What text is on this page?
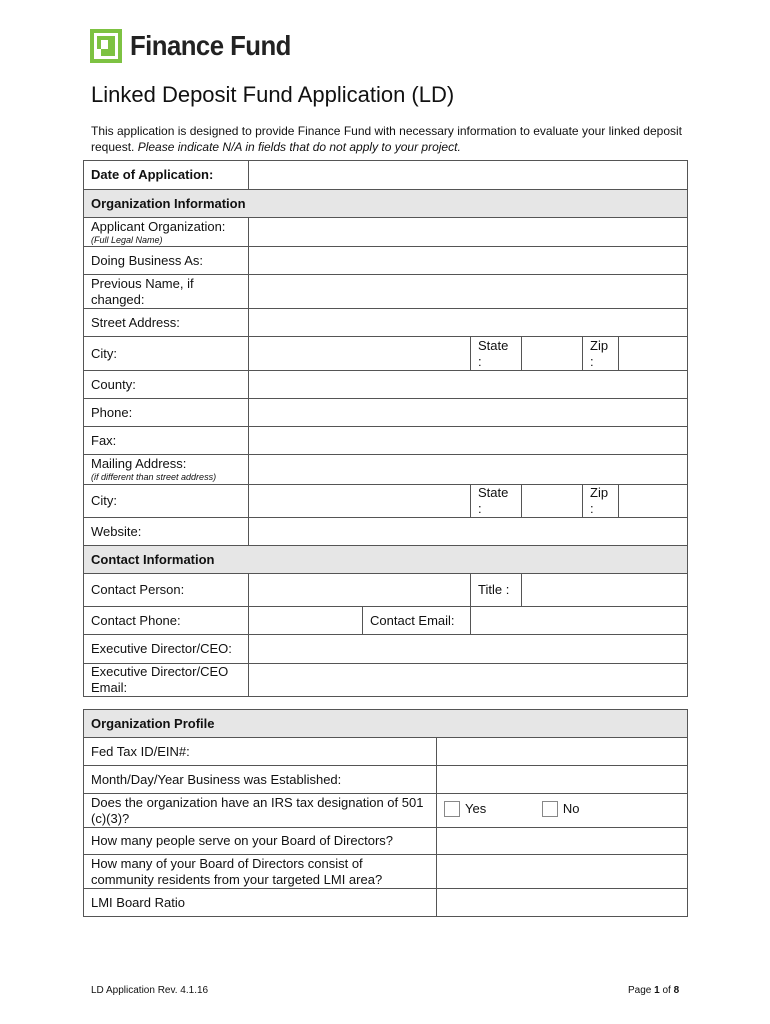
Finance Fund
Linked Deposit Fund Application (LD)
This application is designed to provide Finance Fund with necessary information to evaluate your linked deposit request. Please indicate N/A in fields that do not apply to your project.
Date of Application:						
Organization Information						

Applicant Organization:
(Full Legal Name)						

Doing Business As:						
Previous Name, if changed:						
Street Address:						
City:			State :		Zip :	
County:						
Phone:						
Fax:						

Mailing Address:
(if different than street address)						

City:			State :		Zip :	
Website:						
Contact Information						
Contact Person:			Title :			
Contact Phone:		Contact Email:				
Executive Director/CEO:						
Executive Director/CEO Email:						
Organization Profile	
Fed Tax ID/EIN#:	
Month/Day/Year Business was Established:	
Does the organization have an IRS tax designation of 501 (c)(3)?	Yes
No

How many people serve on your Board of Directors?	
How many of your Board of Directors consist of community residents from your targeted LMI area?	
LMI Board Ratio	
LD Application Rev. 4.1.16	Page 1 of 8
